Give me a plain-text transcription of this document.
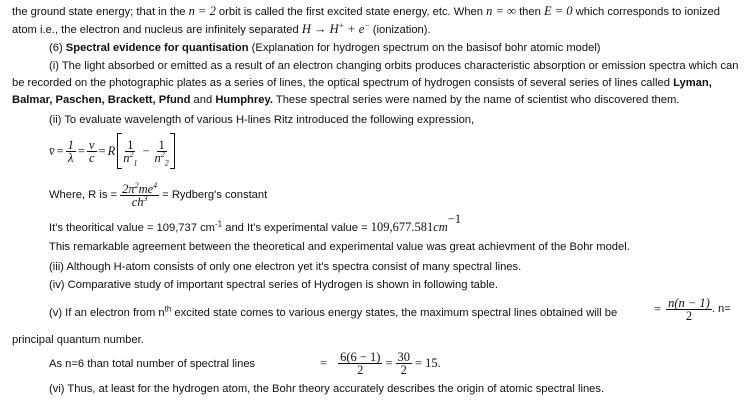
the ground state energy; that in the n = 2 orbit is called the first excited state energy, etc. When n = ∞ then E = 0 which corresponds to ionized
atom i.e., the electron and nucleus are infinitely separated H → H+ + e− (ionization).
(6) Spectral evidence for quantisation (Explanation for hydrogen spectrum on the basisof bohr atomic model)
(i) The light absorbed or emitted as a result of an electron changing orbits produces characteristic absorption or emission spectra which can
be recorded on the photographic plates as a series of lines, the optical spectrum of hydrogen consists of several series of lines called Lyman,
Balmar, Paschen, Brackett, Pfund and Humphrey. These spectral series were named by the name of scientist who discovered them.
(ii) To evaluate wavelength of various H-lines Ritz introduced the following expression,
v̄ = $\frac{1}{\lambda} = \frac{v}{c} = R \frac{1}{n^2_1} - \frac{1}{n^2_2}$
Where, R is = $\frac{2\pi^2me^4}{ch^3}$ = Rydberg's constant
It's theoritical value = 109,737 $cm^{-1}$ and It's experimental value = $109,677.581cm^{-1}$
This remarkable agreement between the theoretical and experimental value was great achievment of the Bohr model.
(iii) Although H-atom consists of only one electron yet it's spectra consist of many spectral lines.
(iv) Comparative study of important spectral series of Hydrogen is shown in following table.
(v) If an electron from $n^{th}$ excited state comes to various energy states, the maximum spectral lines obtained will be	= $\frac{n(n - 1)}{2}$ . n=
principal quantum number.
As n=6 than total number of spectral lines	= $\frac{6(6 - 1)}{2} = \frac{30}{2} = 15$.
(vi) Thus, at least for the hydrogen atom, the Bohr theory accurately describes the origin of atomic spectral lines.
